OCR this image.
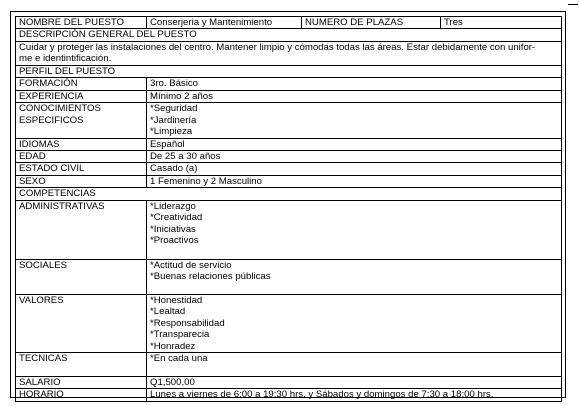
NOMBRE DEL PUESTO	Conserjeria y Mantenimiento	NUMERO DE PLAZAS	Tres
DESCRIPCIÓN GENERAL DEL PUESTO			

Cuidar y proteger las instalaciones del centro. Mantener limpio y cómodas todas las áreas. Estar debidamente con unifor-
me e identintificación.			

PERFIL DEL PUESTO			
FORMACIÓN	3ro. Básico		
EXPERIENCIA	Mínimo 2 años		

CONOCIMIENTOS
ESPECIFICOS	*Seguridad
*Jardinería
*Limpieza		

IDIOMAS	Español		
EDAD	De 25 a 30 años		
ESTADO CIVIL	Casado (a)		
SEXO	1 Femenino y 2 Masculino		
COMPETENCIAS			
ADMINISTRATIVAS	*Liderazgo
*Creatividad
*Iniciativas
*Proactivos		

SOCIALES	*Actitud de servicio
*Buenas relaciones públicas		

VALORES	*Honestidad
*Lealtad
*Responsabilidad
*Transparecia
*Honradez		

TECNICAS	*En cada una		

SALARIO	Q1,500.00		
HORARIO	Lunes a viernes de 6:00 a 19:30 hrs. y Sábados y domingos de 7:30 a 18:00 hrs.		
